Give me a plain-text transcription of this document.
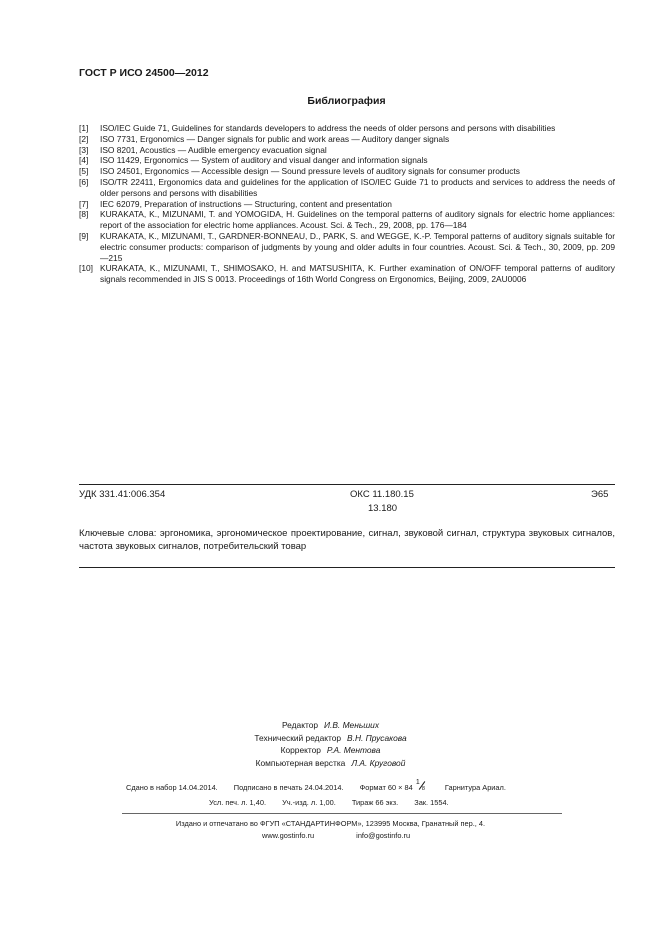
ГОСТ Р ИСО 24500—2012
Библиография
[1]	ISO/IEC Guide 71, Guidelines for standards developers to address the needs of older persons and persons with disabilities
[2]	ISO 7731, Ergonomics — Danger signals for public and work areas — Auditory danger signals
[3]	ISO 8201, Acoustics — Audible emergency evacuation signal
[4]	ISO 11429, Ergonomics — System of auditory and visual danger and information signals
[5]	ISO 24501, Ergonomics — Accessible design — Sound pressure levels of auditory signals for consumer products
[6]	ISO/TR 22411, Ergonomics data and guidelines for the application of ISO/IEC Guide 71 to products and services to address the needs of older persons and persons with disabilities
[7]	IEC 62079, Preparation of instructions — Structuring, content and presentation
[8]	KURAKATA, K., MIZUNAMI, T. and YOMOGIDA, H. Guidelines on the temporal patterns of auditory signals for electric home appliances: report of the association for electric home appliances. Acoust. Sci. & Tech., 29, 2008, pp. 176—184
[9]	KURAKATA, K., MIZUNAMI, T., GARDNER-BONNEAU, D., PARK, S. and WEGGE, K.-P. Temporal patterns of auditory signals suitable for electric consumer products: comparison of judgments by young and older adults in four countries. Acoust. Sci. & Tech., 30, 2009, pp. 209—215
[10] KURAKATA, K., MIZUNAMI, T., SHIMOSAKO, H. and MATSUSHITA, K. Further examination of ON/OFF temporal patterns of auditory signals recommended in JIS S 0013. Proceedings of 16th World Congress on Ergonomics, Beijing, 2009, 2AU0006
УДК 331.41:006.354	ОКС 11.180.15
13.180
Э65
Ключевые слова: эргономика, эргономическое проектирование, сигнал, звуковой сигнал, структура звуковых сигналов, частота звуковых сигналов, потребительский товар
Редактор И.В. Меньших
Технический редактор В.Н. Прусакова
Корректор Р.А. Ментова
Компьютерная верстка Л.А. Круговой
Сдано в набор 14.04.2014. Подписано в печать 24.04.2014. Формат 60 × 84
1
8	Гарнитура Ариал.
Усл. печ. л. 1,40. Уч.-изд. л. 1,00. Тираж 66 экз. Зак. 1554.
Издано и отпечатано во ФГУП «СТАНДАРТИНФОРМ», 123995 Москва, Гранатный пер., 4.
www.gostinfo.ru	info@gostinfo.ru
